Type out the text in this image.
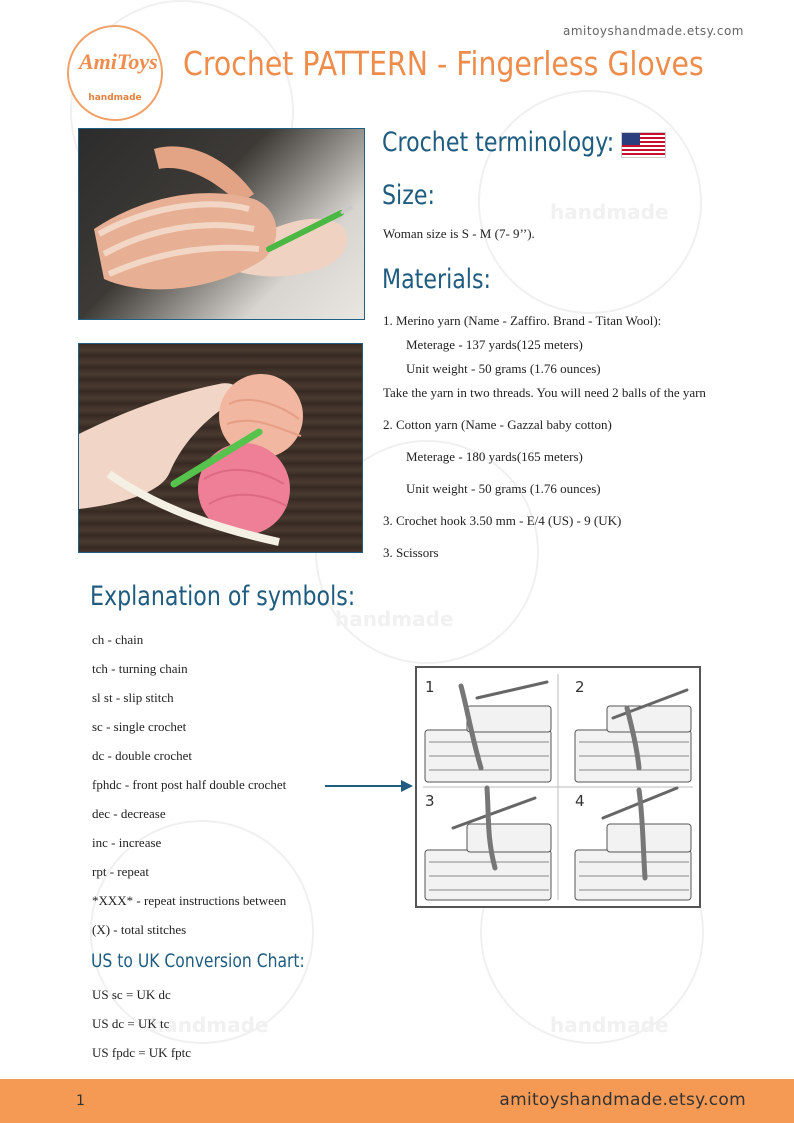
handmade
handmade
handmade
handmade
AmiToys
handmade
amitoyshandmade.etsy.com
Crochet PATTERN - Fingerless Gloves
Crochet terminology:
Size:
Woman size is S - M (7- 9’’).
Materials:
1. Merino yarn (Name - Zaffiro. Brand - Titan Wool):
Meterage - 137 yards(125 meters)
Unit weight - 50 grams (1.76 ounces)
Take the yarn in two threads. You will need 2 balls of the yarn
2. Cotton yarn (Name - Gazzal baby cotton)
Meterage - 180 yards(165 meters)
Unit weight - 50 grams (1.76 ounces)
3. Crochet hook 3.50 mm - E/4 (US) - 9 (UK)
3. Scissors
Explanation of symbols:
ch - chain
tch - turning chain
sl st - slip stitch
sc - single crochet
dc - double crochet
fphdc - front post half double crochet
dec - decrease
inc - increase
rpt - repeat
*XXX* - repeat instructions between
(X) - total stitches
1	2
3	4
US to UK Conversion Chart:
US sc = UK dc
US dc = UK tc
US fpdc = UK fptc
1	amitoyshandmade.etsy.com
